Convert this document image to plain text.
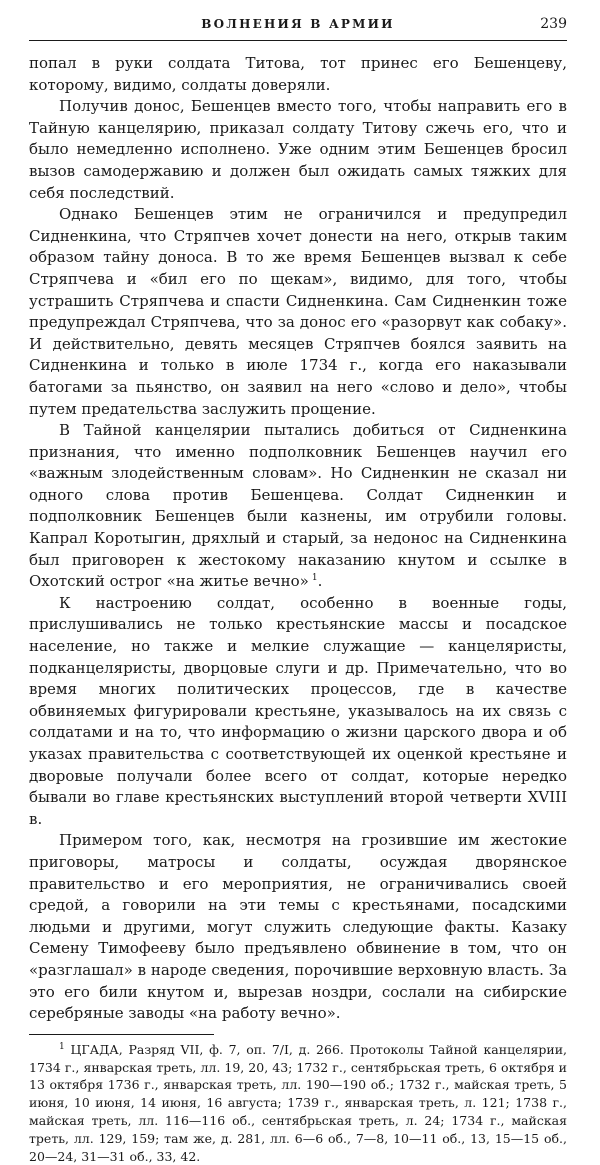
ВОЛНЕНИЯ В АРМИИ	239

попал в руки солдата Титова, тот принес его Бешенцеву, которому, видимо, солдаты доверяли.

Получив донос, Бешенцев вместо того, чтобы направить его в Тайную канцелярию, приказал солдату Титову сжечь его, что и было немедленно исполнено. Уже одним этим Бешенцев бросил вызов самодержавию и должен был ожидать самых тяжких для себя последствий.

Однако Бешенцев этим не ограничился и предупредил Сидненкина, что Стряпчев хочет донести на него, открыв таким образом тайну доноса. В то же время Бешенцев вызвал к себе Стряпчева и «бил его по щекам», видимо, для того, чтобы устрашить Стряпчева и спасти Сидненкина. Сам Сидненкин тоже предупреждал Стряпчева, что за донос его «разорвут как собаку». И действительно, девять месяцев Стряпчев боялся заявить на Сидненкина и только в июле 1734 г., когда его наказывали батогами за пьянство, он заявил на него «слово и дело», чтобы путем предательства заслужить прощение.

В Тайной канцелярии пытались добиться от Сидненкина признания, что именно подполковник Бешенцев научил его «важным злодейственным словам». Но Сидненкин не сказал ни одного слова против Бешенцева. Солдат Сидненкин и подполковник Бешенцев были казнены, им отрубили головы. Капрал Коротыгин, дряхлый и старый, за недонос на Сидненкина был приговорен к жестокому наказанию кнутом и ссылке в Охотский острог «на житье вечно»  $^1$.

К настроению солдат, особенно в военные годы, прислушивались не только крестьянские массы и посадское население, но также и мелкие служащие — канцеляристы, подканцеляристы, дворцовые слуги и др. Примечательно, что во время многих политических процессов, где в качестве обвиняемых фигурировали крестьяне, указывалось на их связь с солдатами и на то, что информацию о жизни царского двора и об указах правительства с соответствующей их оценкой крестьяне и дворовые получали более всего от солдат, которые нередко бывали во главе крестьянских выступлений второй четверти XVIII в.

Примером того, как, несмотря на грозившие им жестокие приговоры, матросы и солдаты, осуждая дворянское правительство и его мероприятия, не ограничивались своей средой, а говорили на эти темы с крестьянами, посадскими людьми и другими, могут служить следующие факты. Казаку Семену Тимофееву было предъявлено обвинение в том, что он «разглашал» в народе сведения, порочившие верховную власть. За это его били кнутом и, вырезав ноздри, сослали на сибирские серебряные заводы «на работу вечно».

$^1$ ЦГАДА, Разряд VII, ф. 7, оп. 7/I, д. 266. Протоколы Тайной канцелярии, 1734 г., январская треть, лл. 19, 20, 43; 1732 г., сентябрьская треть, 6 октября и 13 октября 1736 г., январская треть, лл. 190—190 об.; 1732 г., майская треть, 5 июня, 10 июня, 14 июня, 16 августа; 1739 г., январская треть, л. 121; 1738 г., майская треть, лл. 116—116 об., сентябрьская треть, л. 24; 1734 г., майская треть, лл. 129, 159; там же, д. 281, лл. 6—6 об., 7—8, 10—11 об., 13, 15—15 об., 20—24, 31—31 об., 33, 42.
